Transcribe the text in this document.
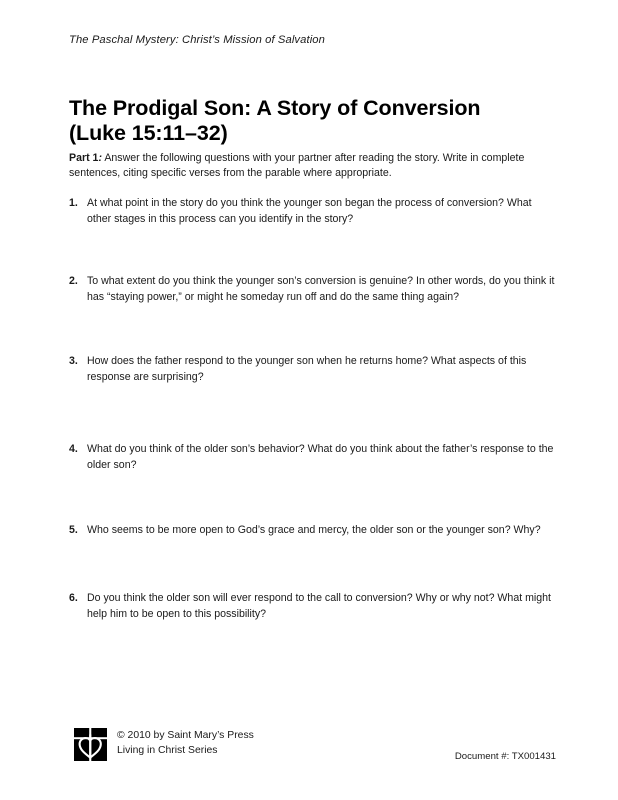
The Paschal Mystery: Christ’s Mission of Salvation
The Prodigal Son: A Story of Conversion
(Luke 15:11–32)

Part 1: Answer the following questions with your partner after reading the story. Write in complete sentences, citing specific verses from the parable where appropriate.

1. At what point in the story do you think the younger son began the process of conversion? What other stages in this process can you identify in the story?
2. To what extent do you think the younger son’s conversion is genuine? In other words, do you think it has “staying power,” or might he someday run off and do the same thing again?
3. How does the father respond to the younger son when he returns home? What aspects of this response are surprising?
4. What do you think of the older son’s behavior? What do you think about the father’s response to the older son?
5. Who seems to be more open to God’s grace and mercy, the older son or the younger son? Why?
6. Do you think the older son will ever respond to the call to conversion? Why or why not? What might help him to be open to this possibility?
© 2010 by Saint Mary’s Press
Living in Christ Series
Document #: TX001431
